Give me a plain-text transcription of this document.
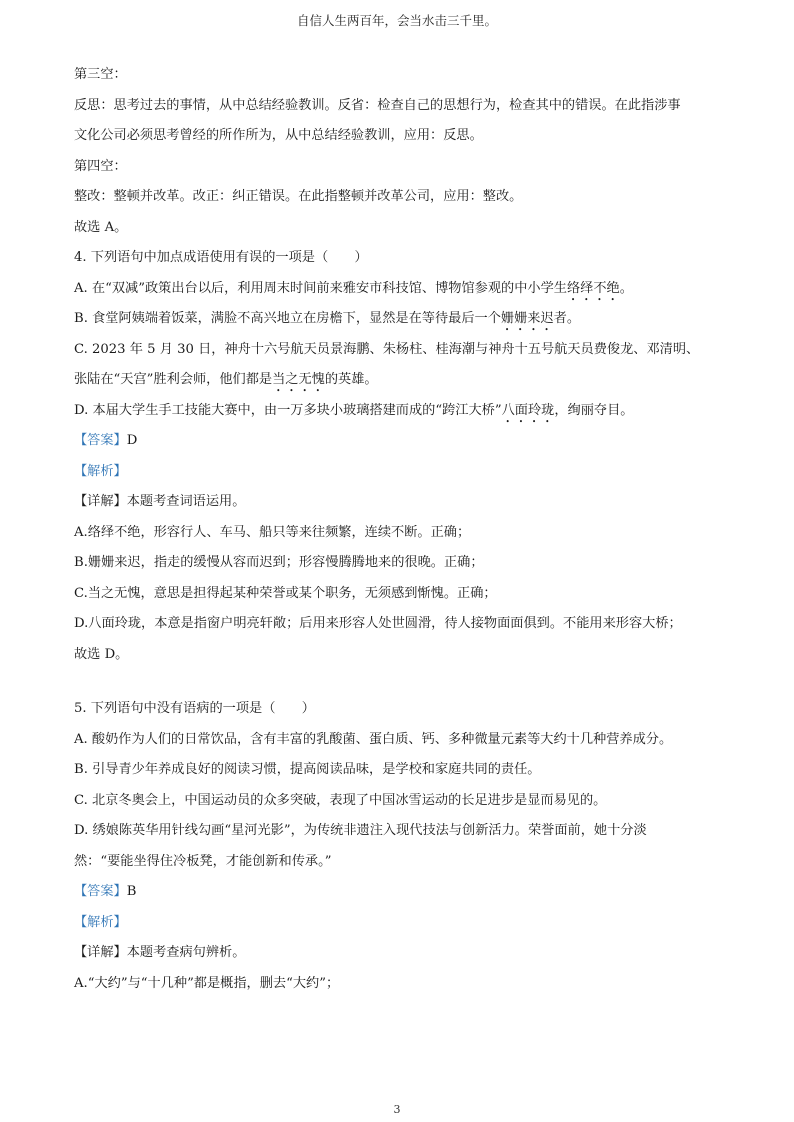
自信人生两百年，会当水击三千里。
第三空：
反思：思考过去的事情，从中总结经验教训。反省：检查自己的思想行为，检查其中的错误。在此指涉事
文化公司必须思考曾经的所作所为，从中总结经验教训，应用：反思。
第四空：
整改：整顿并改革。改正：纠正错误。在此指整顿并改革公司，应用：整改。
故选 A。
4. 下列语句中加点成语使用有误的一项是（　　）
A. 在“双减”政策出台以后，利用周末时间前来雅安市科技馆、博物馆参观的中小学生络绎不绝。
B. 食堂阿姨端着饭菜，满脸不高兴地立在房檐下，显然是在等待最后一个姗姗来迟者。
C. 2023 年 5 月 30 日，神舟十六号航天员景海鹏、朱杨柱、桂海潮与神舟十五号航天员费俊龙、邓清明、
张陆在“天宫”胜利会师，他们都是当之无愧的英雄。
D. 本届大学生手工技能大赛中，由一万多块小玻璃搭建而成的“跨江大桥”八面玲珑，绚丽夺目。
【答案】D
【解析】
【详解】本题考查词语运用。
A.络绎不绝，形容行人、车马、船只等来往频繁，连续不断。正确；
B.姗姗来迟，指走的缓慢从容而迟到；形容慢腾腾地来的很晚。正确；
C.当之无愧，意思是担得起某种荣誉或某个职务，无须感到惭愧。正确；
D.八面玲珑，本意是指窗户明亮轩敞；后用来形容人处世圆滑，待人接物面面俱到。不能用来形容大桥；
故选 D。
5. 下列语句中没有语病的一项是（　　）
A. 酸奶作为人们的日常饮品，含有丰富的乳酸菌、蛋白质、钙、多种微量元素等大约十几种营养成分。
B. 引导青少年养成良好的阅读习惯，提高阅读品味，是学校和家庭共同的责任。
C. 北京冬奥会上，中国运动员的众多突破，表现了中国冰雪运动的长足进步是显而易见的。
D. 绣娘陈英华用针线勾画“星河光影”，为传统非遗注入现代技法与创新活力。荣誉面前，她十分淡
然：“要能坐得住冷板凳，才能创新和传承。”
【答案】B
【解析】
【详解】本题考查病句辨析。
A.“大约”与“十几种”都是概指，删去“大约”；
3
